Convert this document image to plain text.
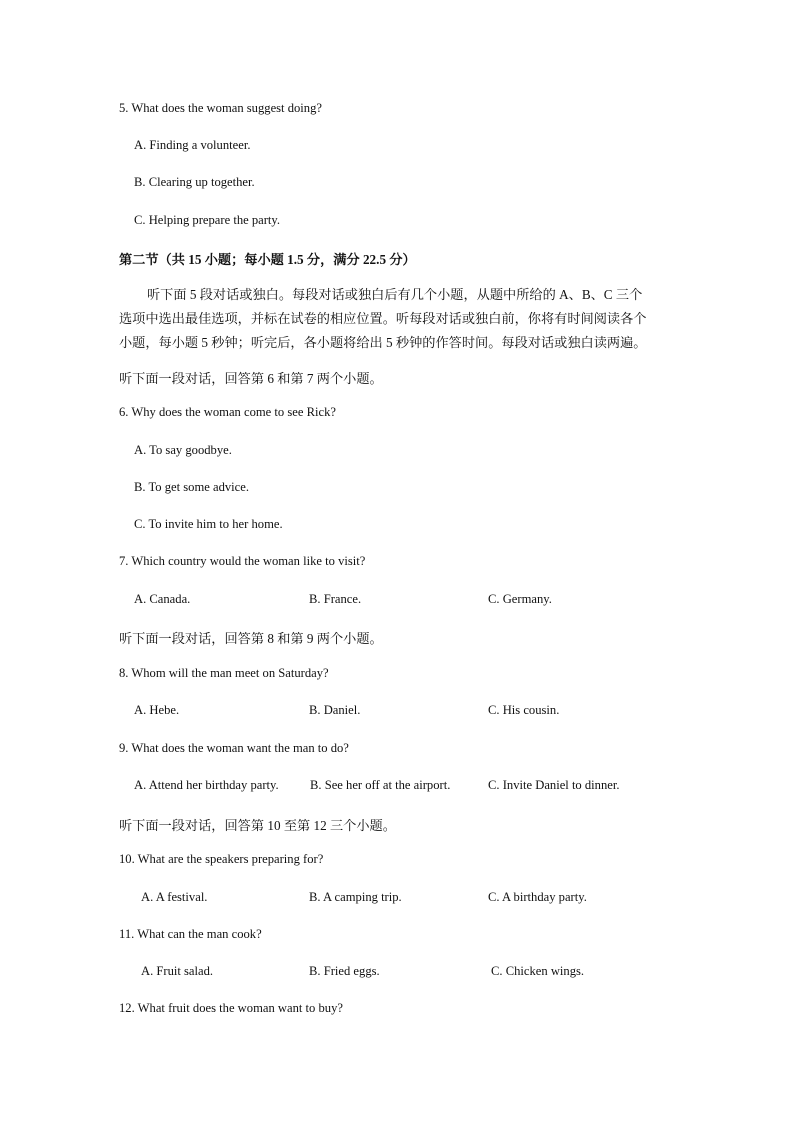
5. What does the woman suggest doing?
A. Finding a volunteer.
B. Clearing up together.
C. Helping prepare the party.
第二节（共 15 小题；每小题 1.5 分，满分 22.5 分）

听下面 5 段对话或独白。每段对话或独白后有几个小题，从题中所给的 A、B、C 三个

选项中选出最佳选项，并标在试卷的相应位置。听每段对话或独白前，你将有时间阅读各个

小题，每小题 5 秒钟；听完后，各小题将给出 5 秒钟的作答时间。每段对话或独白读两遍。

听下面一段对话，回答第 6 和第 7 两个小题。
6. Why does the woman come to see Rick?
A. To say goodbye.
B. To get some advice.
C. To invite him to her home.
7. Which country would the woman like to visit?
A. Canada.	B. France.	C. Germany.
听下面一段对话，回答第 8 和第 9 两个小题。
8. Whom will the man meet on Saturday?
A. Hebe.	B. Daniel.	C. His cousin.
9. What does the woman want the man to do?
A. Attend her birthday party. B. See her off at the airport.	C. Invite Daniel to dinner.
听下面一段对话，回答第 10 至第 12 三个小题。
10. What are the speakers preparing for?
A. A festival.	B. A camping trip.	C. A birthday party.
11. What can the man cook?
A. Fruit salad.	B. Fried eggs.	C. Chicken wings.
12. What fruit does the woman want to buy?
